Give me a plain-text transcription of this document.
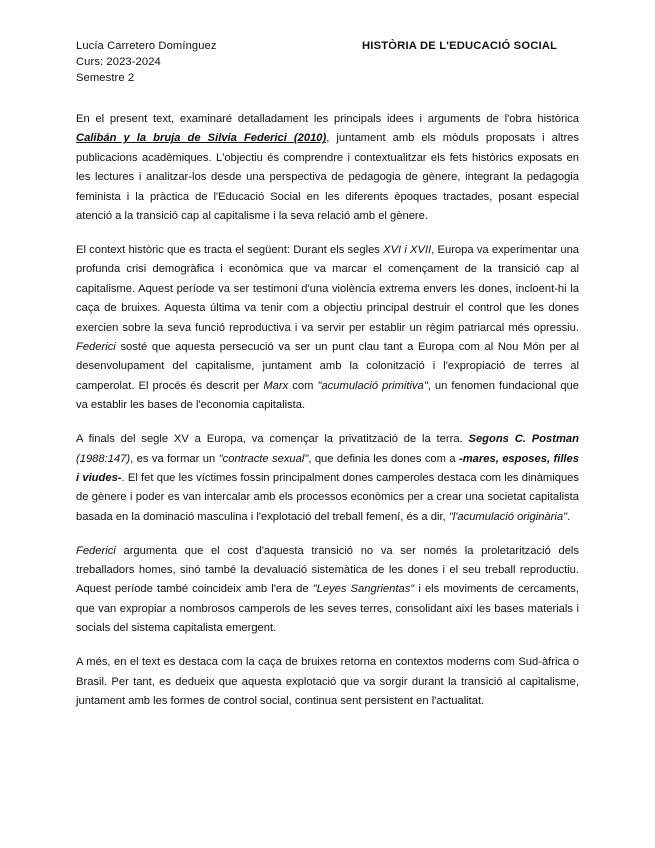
Lucía Carretero Domínguez
Curs: 2023-2024
Semestre 2
HISTÒRIA DE L'EDUCACIÓ SOCIAL

En el present text, examinaré detalladament les principals idees i arguments de l'obra històrica Calibán y la bruja de Silvia Federici (2010), juntament amb els mòduls proposats i altres publicacions acadèmiques. L'objectiu és comprendre i contextualitzar els fets històrics exposats en les lectures i analitzar-los desde una perspectiva de pedagogia de gènere, integrant la pedagogia feminista i la pràctica de l'Educació Social en les diferents èpoques tractades, posant especial atenció a la transició cap al capitalisme i la seva relació amb el gènere.

El context històric que es tracta el següent: Durant els segles XVI i XVII, Europa va experimentar una profunda crisi demogràfica i econòmica que va marcar el començament de la transició cap al capitalisme. Aquest període va ser testimoni d'una violència extrema envers les dones, incloent-hi la caça de bruixes. Aquesta última va tenir com a objectiu principal destruir el control que les dones exercien sobre la seva funció reproductiva i va servir per establir un règim patriarcal més opressiu. Federici sosté que aquesta persecució va ser un punt clau tant a Europa com al Nou Món per al desenvolupament del capitalisme, juntament amb la colonització i l'expropiació de terres al camperolat. El procés és descrit per Marx com "acumulació primitiva", un fenomen fundacional que va establir les bases de l'economia capitalista.

A finals del segle XV a Europa, va començar la privatització de la terra. Segons C. Postman (1988:147), es va formar un "contracte sexual", que definia les dones com a -mares, esposes, filles i viudes-. El fet que les víctimes fossin principalment dones camperoles destaca com les dinàmiques de gènere i poder es van intercalar amb els processos econòmics per a crear una societat capitalista basada en la dominació masculina i l'explotació del treball femení, és a dir, "l'acumulació originària".

Federici argumenta que el cost d'aquesta transició no va ser només la proletarització dels treballadors homes, sinó també la devaluació sistemàtica de les dones i el seu treball reproductiu. Aquest període també coincideix amb l'era de "Leyes Sangrientas" i els moviments de cercaments, que van expropiar a nombrosos camperols de les seves terres, consolidant així les bases materials i socials del sistema capitalista emergent.

A més, en el text es destaca com la caça de bruixes retorna en contextos moderns com Sud-àfrica o Brasil. Per tant, es dedueix que aquesta explotació que va sorgir durant la transició al capitalisme, juntament amb les formes de control social, continua sent persistent en l'actualitat.
